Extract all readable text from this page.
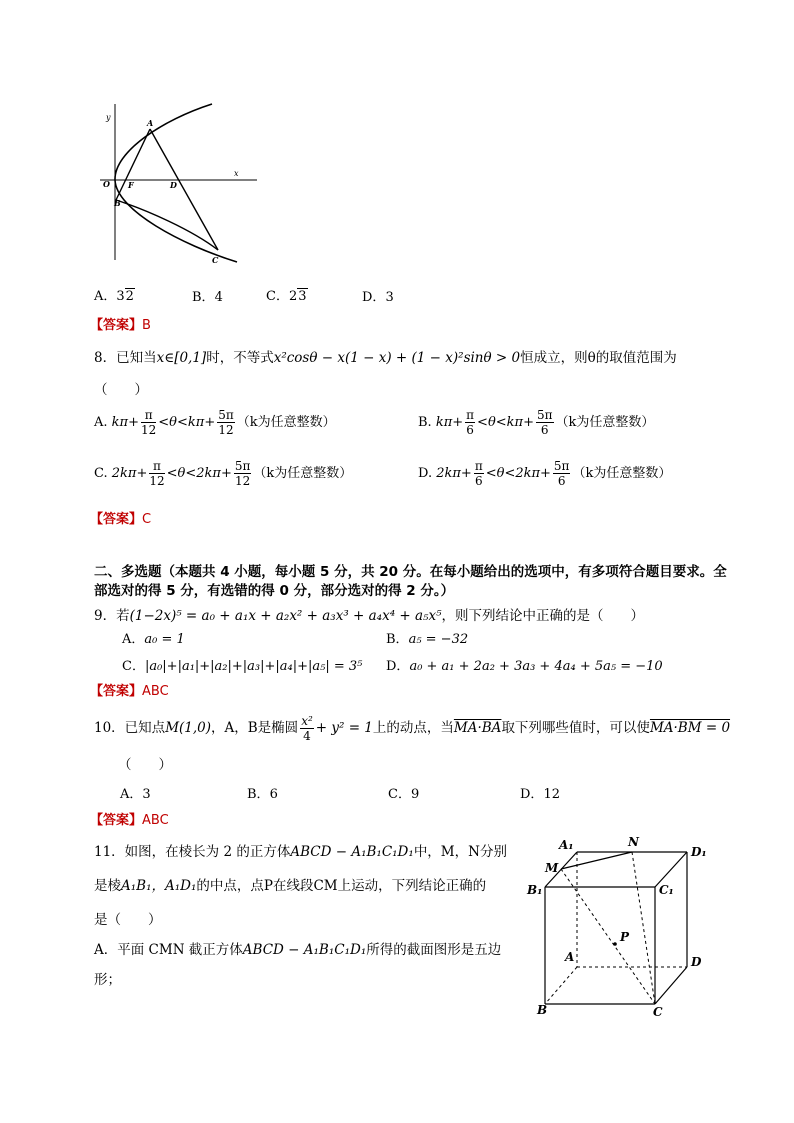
y
x
O F	D
A
B
C
A．32	B．4	C．23	D．3
【答案】B
8．已知当x∈[0,1]时，不等式x²cosθ − x(1 − x) + (1 − x)²sinθ > 0恒成立，则θ的取值范围为
（　　）
A. $k\pi+ \frac{\pi}{12} <\theta<k\pi+ \frac{5\pi}{12} (k$为任意整数）	B. $k\pi+ \frac{\pi}{6} <\theta<k\pi+ \frac{5\pi}{6} (k$为任意整数）
C. $2k\pi+ \frac{\pi}{12} <\theta<2k\pi+ \frac{5\pi}{12} (k$为任意整数）	D. $2k\pi+ \frac{\pi}{6} <\theta<2k\pi+ \frac{5\pi}{6} (k$为任意整数）
【答案】C
二、多选题（本题共 4 小题，每小题 5 分，共 20 分。在每小题给出的选项中，有多项符合题目要求。全
部选对的得 5 分，有选错的得 0 分，部分选对的得 2 分。）
9．若(1−2x)⁵ = a₀ + a₁x + a₂x² + a₃x³ + a₄x⁴ + a₅x⁵，则下列结论中正确的是（　　）
A．a₀ = 1	B．a₅ = −32
C．|a₀|+|a₁|+|a₂|+|a₃|+|a₄|+|a₅| = 3⁵ D．a₀ + a₁ + 2a₂ + 3a₃ + 4a₄ + 5a₅ = −10
【答案】ABC
10．已知点M(1,0)，A，B是椭圆 $\frac{\text{x²}}{4} + y^2 = 1$上的动点，当MA·BA取下列哪些值时，可以使MA·BM = 0
（　　）
A．3	B．6	C．9	D．12
【答案】ABC
11．如图，在棱长为 2 的正方体ABCD − A₁B₁C₁D₁中，M，N分别
是棱A₁B₁，A₁D₁的中点，点P在线段CM上运动，下列结论正确的
是（　　）
A．平面 CMN 截正方体ABCD − A₁B₁C₁D₁所得的截面图形是五边
形；
A₁	N
D₁
M
B₁	C₁
P
A	D
B	C
